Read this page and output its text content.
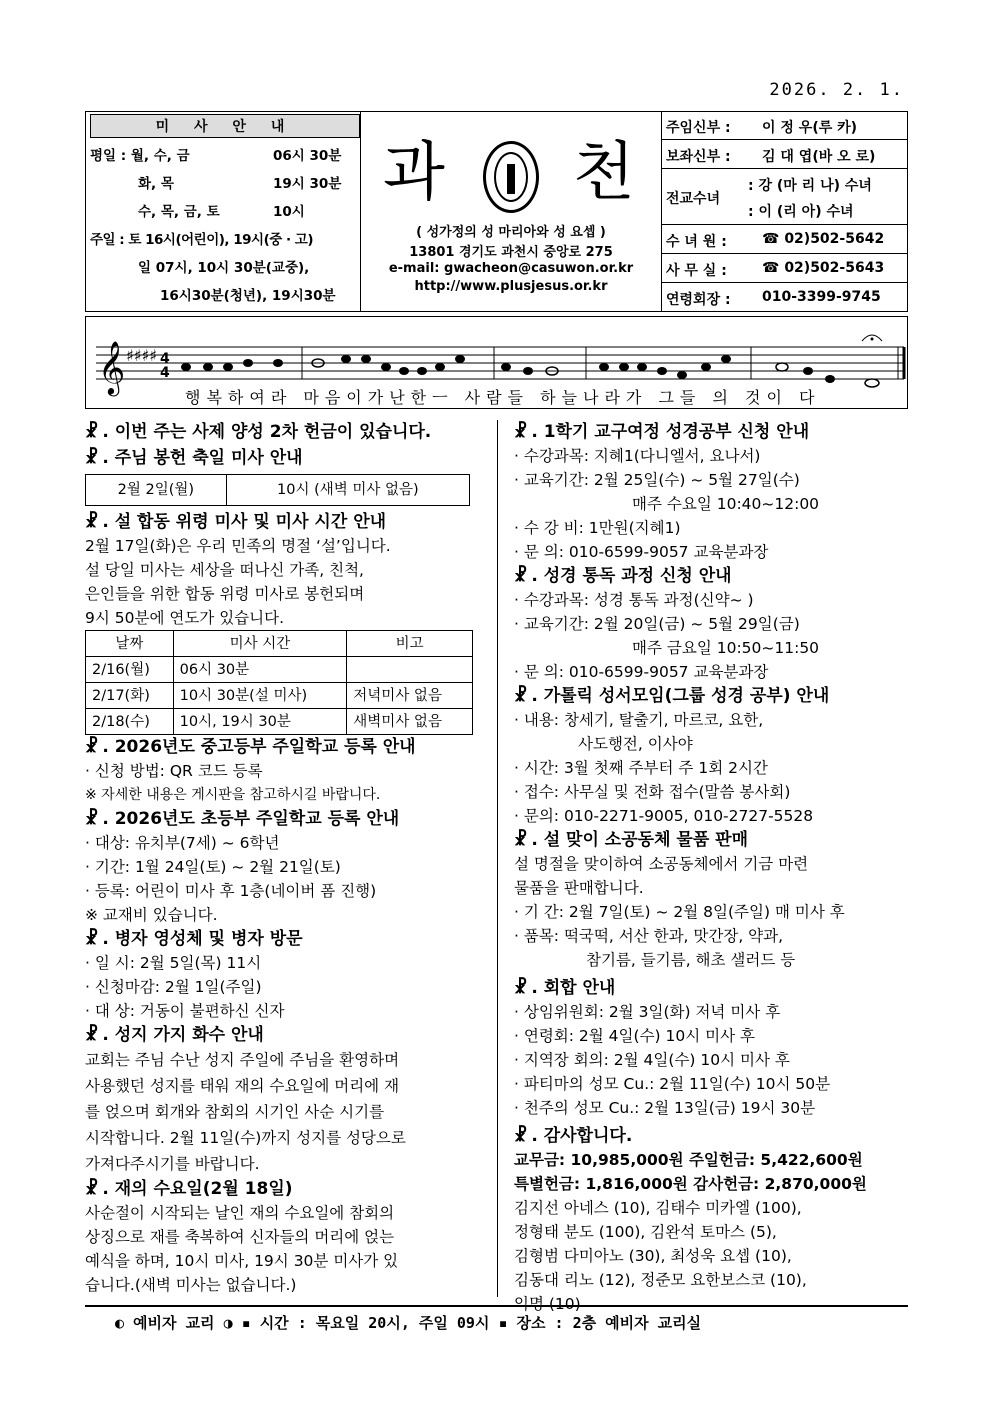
2026. 2. 1.
미 사 안 내
평일 : 월, 수, 금	06시 30분
화, 목	19시 30분
수, 목, 금, 토	10시
주일 : 토 16시(어린이), 19시(중 · 고)
일 07시, 10시 30분(교중),
16시30분(청년), 19시30분
과 천
( 성가정의 성 마리아와 성 요셉 )
13801 경기도 과천시 중앙로 275
e-mail: gwacheon@casuwon.or.kr
http://www.plusjesus.or.kr
주임신부 : 이 정 우(루 카)
보좌신부 : 김 대 엽(바 오 로)
전교수녀
: 강 (마 리 나) 수녀
: 이 (리 아) 수녀
수 녀 원 :	☎ 02)502-5642
사 무 실 :	☎ 02)502-5643
연령회장 : 010-3399-9745
𝄞 ♯♯♯♯ 4
4
행복하여라 마음이가난한ㅡ 사람들 하늘나라가 그들 의 것이 다
☧ . 이번 주는 사제 양성 2차 헌금이 있습니다.
☧ . 주님 봉헌 축일 미사 안내
2월 2일(월)	10시 (새벽 미사 없음)
☧ . 설 합동 위령 미사 및 미사 시간 안내
2월 17일(화)은 우리 민족의 명절 ‘설’입니다.
설 당일 미사는 세상을 떠나신 가족, 친척,
은인들을 위한 합동 위령 미사로 봉헌되며
9시 50분에 연도가 있습니다.
날짜	미사 시간	비고
2/16(월)	06시 30분	
2/17(화)	10시 30분(설 미사)	저녁미사 없음
2/18(수)	10시, 19시 30분	새벽미사 없음
☧ . 2026년도 중고등부 주일학교 등록 안내
· 신청 방법: QR 코드 등록
※ 자세한 내용은 게시판을 참고하시길 바랍니다.
☧ . 2026년도 초등부 주일학교 등록 안내
· 대상: 유치부(7세) ~ 6학년
· 기간: 1월 24일(토) ~ 2월 21일(토)
· 등록: 어린이 미사 후 1층(네이버 폼 진행)
※ 교재비 있습니다.
☧ . 병자 영성체 및 병자 방문
· 일 시: 2월 5일(목) 11시
· 신청마감: 2월 1일(주일)
· 대 상: 거동이 불편하신 신자
☧ . 성지 가지 화수 안내
교회는 주님 수난 성지 주일에 주님을 환영하며
사용했던 성지를 태워 재의 수요일에 머리에 재
를 얹으며 회개와 참회의 시기인 사순 시기를
시작합니다. 2월 11일(수)까지 성지를 성당으로
가져다주시기를 바랍니다.
☧ . 재의 수요일(2월 18일)
사순절이 시작되는 날인 재의 수요일에 참회의
상징으로 재를 축복하여 신자들의 머리에 얹는
예식을 하며, 10시 미사, 19시 30분 미사가 있
습니다.(새벽 미사는 없습니다.)
☧ . 1학기 교구여정 성경공부 신청 안내
· 수강과목: 지혜1(다니엘서, 요나서)
· 교육기간: 2월 25일(수) ~ 5월 27일(수)
매주 수요일 10:40~12:00
· 수 강 비: 1만원(지혜1)
· 문 의: 010-6599-9057 교육분과장
☧ . 성경 통독 과정 신청 안내
· 수강과목: 성경 통독 과정(신약~ )
· 교육기간: 2월 20일(금) ~ 5월 29일(금)
매주 금요일 10:50~11:50
· 문 의: 010-6599-9057 교육분과장
☧ . 가톨릭 성서모임(그룹 성경 공부) 안내
· 내용: 창세기, 탈출기, 마르코, 요한,
사도행전, 이사야
· 시간: 3월 첫째 주부터 주 1회 2시간
· 접수: 사무실 및 전화 접수(말씀 봉사회)
· 문의: 010-2271-9005, 010-2727-5528
☧ . 설 맞이 소공동체 물품 판매
설 명절을 맞이하여 소공동체에서 기금 마련
물품을 판매합니다.
· 기 간: 2월 7일(토) ~ 2월 8일(주일) 매 미사 후
· 품목: 떡국떡, 서산 한과, 맛간장, 약과,
참기름, 들기름, 해초 샐러드 등
☧ . 회합 안내
· 상임위원회: 2월 3일(화) 저녁 미사 후
· 연령회: 2월 4일(수) 10시 미사 후
· 지역장 회의: 2월 4일(수) 10시 미사 후
· 파티마의 성모 Cu.: 2월 11일(수) 10시 50분
· 천주의 성모 Cu.: 2월 13일(금) 19시 30분
☧ . 감사합니다.
교무금: 10,985,000원 주일헌금: 5,422,600원
특별헌금: 1,816,000원 감사헌금: 2,870,000원
김지선 아네스 (10), 김태수 미카엘 (100),
정형태 분도 (100), 김완석 토마스 (5),
김형범 다미아노 (30), 최성욱 요셉 (10),
김동대 리노 (12), 정준모 요한보스코 (10),
익명 (10)
◐ 예비자 교리 ◑ ▪ 시간 : 목요일 20시, 주일 09시 ▪ 장소 : 2층 예비자 교리실
